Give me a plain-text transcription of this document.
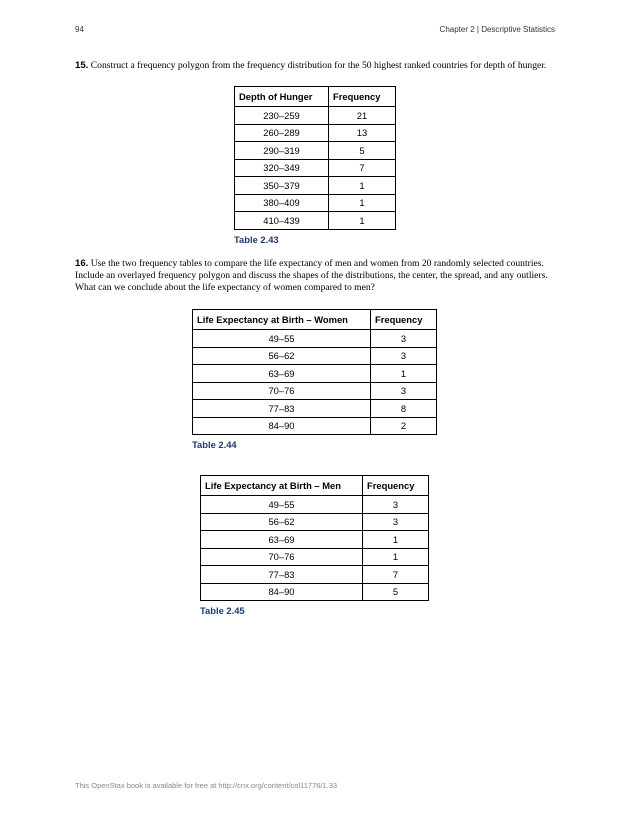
94	Chapter 2 | Descriptive Statistics
15. Construct a frequency polygon from the frequency distribution for the 50 highest ranked countries for depth of hunger.
Depth of Hunger	Frequency
230–259	21
260–289	13
290–319	5
320–349	7
350–379	1
380–409	1
410–439	1
Table 2.43
16. Use the two frequency tables to compare the life expectancy of men and women from 20 randomly selected countries. Include an overlayed frequency polygon and discuss the shapes of the distributions, the center, the spread, and any outliers. What can we conclude about the life expectancy of women compared to men?
Life Expectancy at Birth – Women	Frequency
49–55	3
56–62	3
63–69	1
70–76	3
77–83	8
84–90	2
Table 2.44
Life Expectancy at Birth – Men	Frequency
49–55	3
56–62	3
63–69	1
70–76	1
77–83	7
84–90	5
Table 2.45
This OpenStax book is available for free at http://cnx.org/content/col11776/1.33
